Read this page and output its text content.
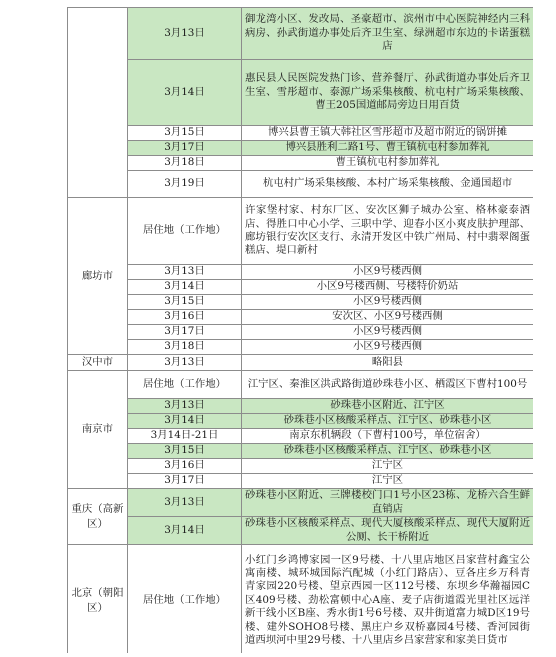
	3月13日	御龙湾小区、发改局、圣豪超市、滨州市中心医院神经内三科病房、孙武街道办事处后齐卫生室、绿洲超市东边的卡诺蛋糕店
	3月14日	惠民县人民医院发热门诊、营养餐厅、孙武街道办事处后齐卫生室、雪彤超市、泰源广场采集核酸、杭屯村广场采集核酸、曹王205国道邮局旁边日用百货
	3月15日	博兴县曹王镇大韩社区雪彤超市及超市附近的锅饼摊
	3月17日	博兴县胜利二路1号、曹王镇杭屯村参加葬礼
	3月18日	曹王镇杭屯村参加葬礼
	3月19日	杭屯村广场采集核酸、本村广场采集核酸、金通国超市
廊坊市	居住地（工作地）	许家堡村家、村东厂区、安次区狮子城办公室、格林豪泰酒店、得胜口中心小学、三职中学、迎春小区小爽皮肤护理部、廊坊银行安次区支行、永清开发区中铁广州局、村中翡翠阁蛋糕店、堤口新村
	3月13日	小区9号楼西侧
	3月14日	小区9号楼西侧、号楼特价奶站
	3月15日	小区9号楼西侧
	3月16日	安次区、小区9号楼西侧
	3月17日	小区9号楼西侧
	3月18日	小区9号楼西侧
汉中市	3月13日	略阳县
南京市	居住地（工作地）	江宁区、秦淮区洪武路街道砂珠巷小区、栖霞区下曹村100号
	3月13日	砂珠巷小区附近、江宁区
	3月14日	砂珠巷小区核酸采样点、江宁区、砂珠巷小区
	3月14日-21日	南京东机辆段（下曹村100号，单位宿舍）
	3月15日	砂珠巷小区核酸采样点、江宁区、砂珠巷小区
	3月16日	江宁区
	3月17日	江宁区
重庆（高新区）	3月13日	砂珠巷小区附近、三牌楼校门口1号小区23栋、龙桥六合生鲜直销店
	3月14日	砂珠巷小区核酸采样点、现代大厦核酸采样点、现代大厦附近公厕、长干桥附近
北京（朝阳区）	居住地（工作地）	小红门乡鸿博家园一区9号楼、十八里店地区吕家营村鑫宝公寓南楼、城环城国际汽配城（小红门路店）、豆各庄乡万科青青家园220号楼、望京西园一区112号楼、东坝乡华瀚福园C区409号楼、劲松富顿中心A座、麦子店街道霞光里社区远洋新干线小区B座、秀水街1号6号楼、双井街道富力城D区19号楼、建外SOHO8号楼、黑庄户乡双桥嘉园4号楼、香河园街道西坝河中里29号楼、十八里店乡吕家营家和家美日货市
